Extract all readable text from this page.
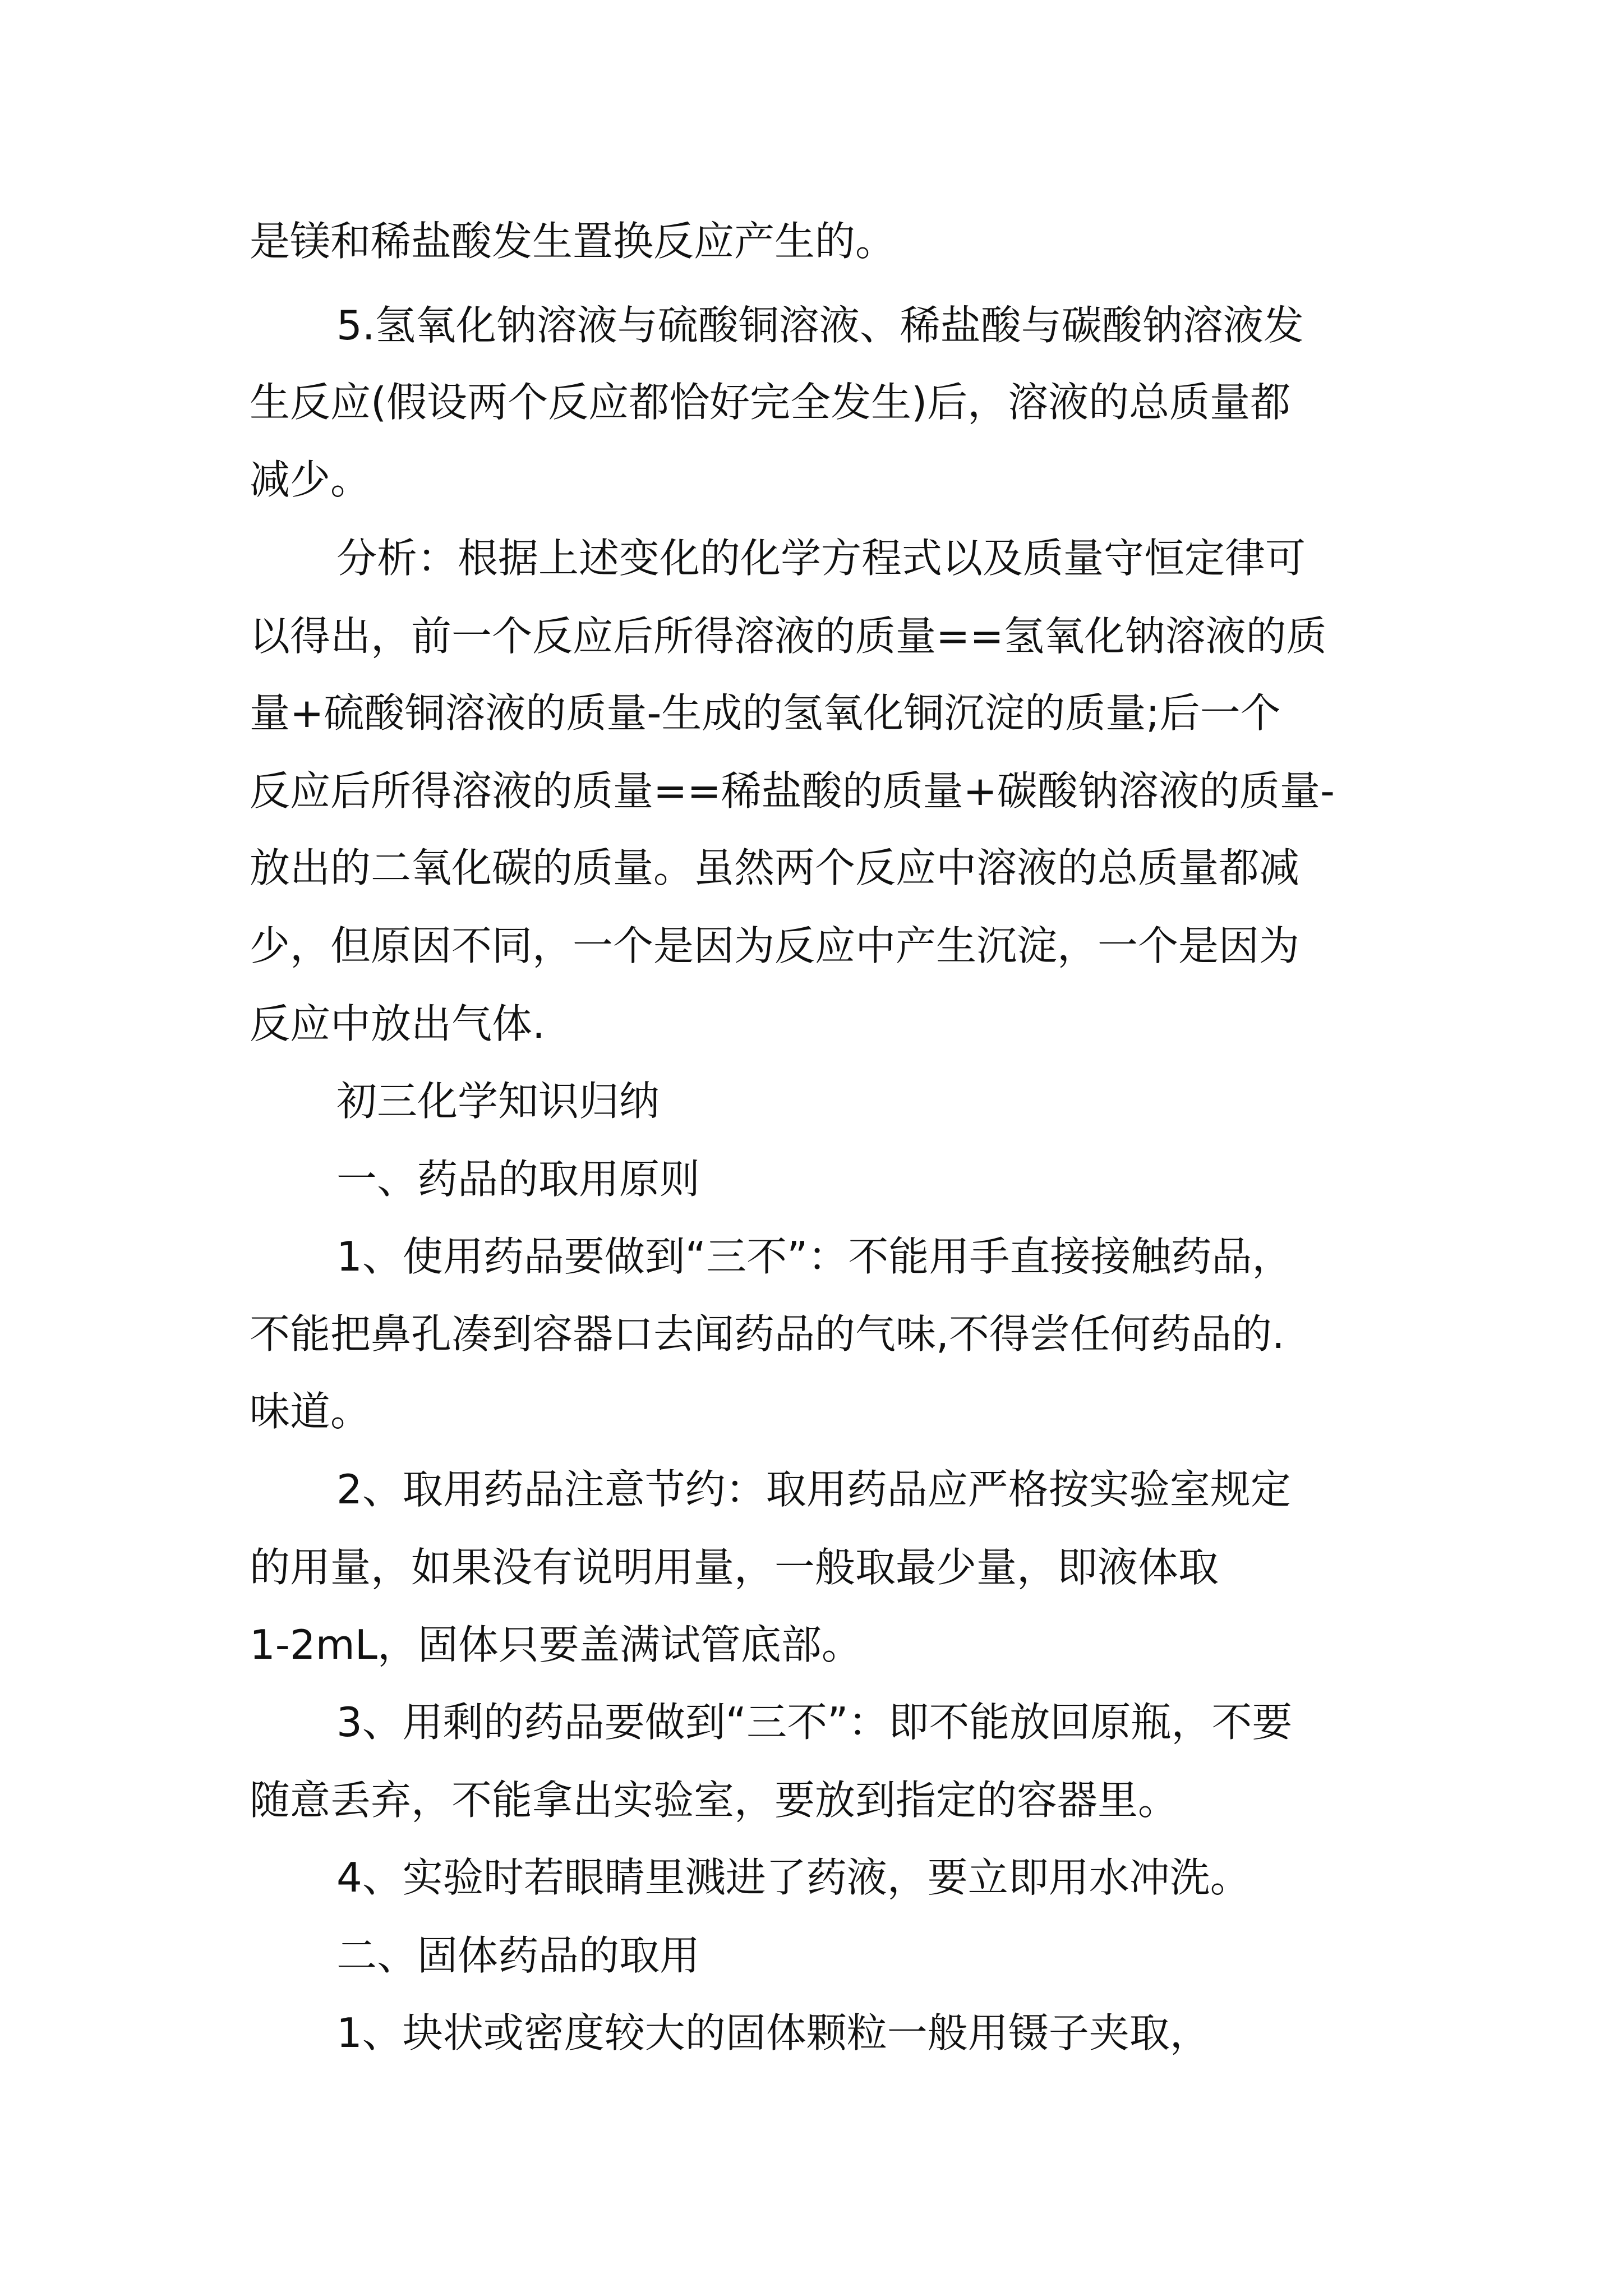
是镁和稀盐酸发生置换反应产生的。
5.氢氧化钠溶液与硫酸铜溶液、稀盐酸与碳酸钠溶液发
生反应(假设两个反应都恰好完全发生)后，溶液的总质量都
减少。
分析：根据上述变化的化学方程式以及质量守恒定律可
以得出，前一个反应后所得溶液的质量==氢氧化钠溶液的质
量+硫酸铜溶液的质量-生成的氢氧化铜沉淀的质量;后一个
反应后所得溶液的质量==稀盐酸的质量+碳酸钠溶液的质量-
放出的二氧化碳的质量。虽然两个反应中溶液的总质量都减
少，但原因不同，一个是因为反应中产生沉淀，一个是因为
反应中放出气体.
初三化学知识归纳
一、药品的取用原则
1、使用药品要做到“三不”：不能用手直接接触药品，
不能把鼻孔凑到容器口去闻药品的气味,不得尝任何药品的.
味道。
2、取用药品注意节约：取用药品应严格按实验室规定
的用量，如果没有说明用量，一般取最少量，即液体取
1-2mL，固体只要盖满试管底部。
3、用剩的药品要做到“三不”：即不能放回原瓶，不要
随意丢弃，不能拿出实验室，要放到指定的容器里。
4、实验时若眼睛里溅进了药液，要立即用水冲洗。
二、固体药品的取用
1、块状或密度较大的固体颗粒一般用镊子夹取，
